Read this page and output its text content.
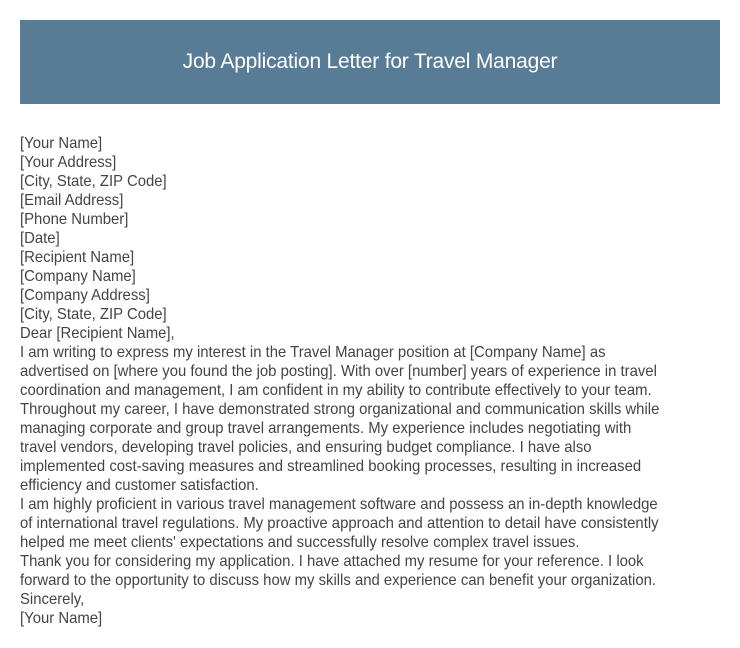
Job Application Letter for Travel Manager
[Your Name]
[Your Address]
[City, State, ZIP Code]
[Email Address]
[Phone Number]
[Date]
[Recipient Name]
[Company Name]
[Company Address]
[City, State, ZIP Code]
Dear [Recipient Name],
I am writing to express my interest in the Travel Manager position at [Company Name] as
advertised on [where you found the job posting]. With over [number] years of experience in travel
coordination and management, I am confident in my ability to contribute effectively to your team.
Throughout my career, I have demonstrated strong organizational and communication skills while
managing corporate and group travel arrangements. My experience includes negotiating with
travel vendors, developing travel policies, and ensuring budget compliance. I have also
implemented cost-saving measures and streamlined booking processes, resulting in increased
efficiency and customer satisfaction.
I am highly proficient in various travel management software and possess an in-depth knowledge
of international travel regulations. My proactive approach and attention to detail have consistently
helped me meet clients' expectations and successfully resolve complex travel issues.
Thank you for considering my application. I have attached my resume for your reference. I look
forward to the opportunity to discuss how my skills and experience can benefit your organization.
Sincerely,
[Your Name]
